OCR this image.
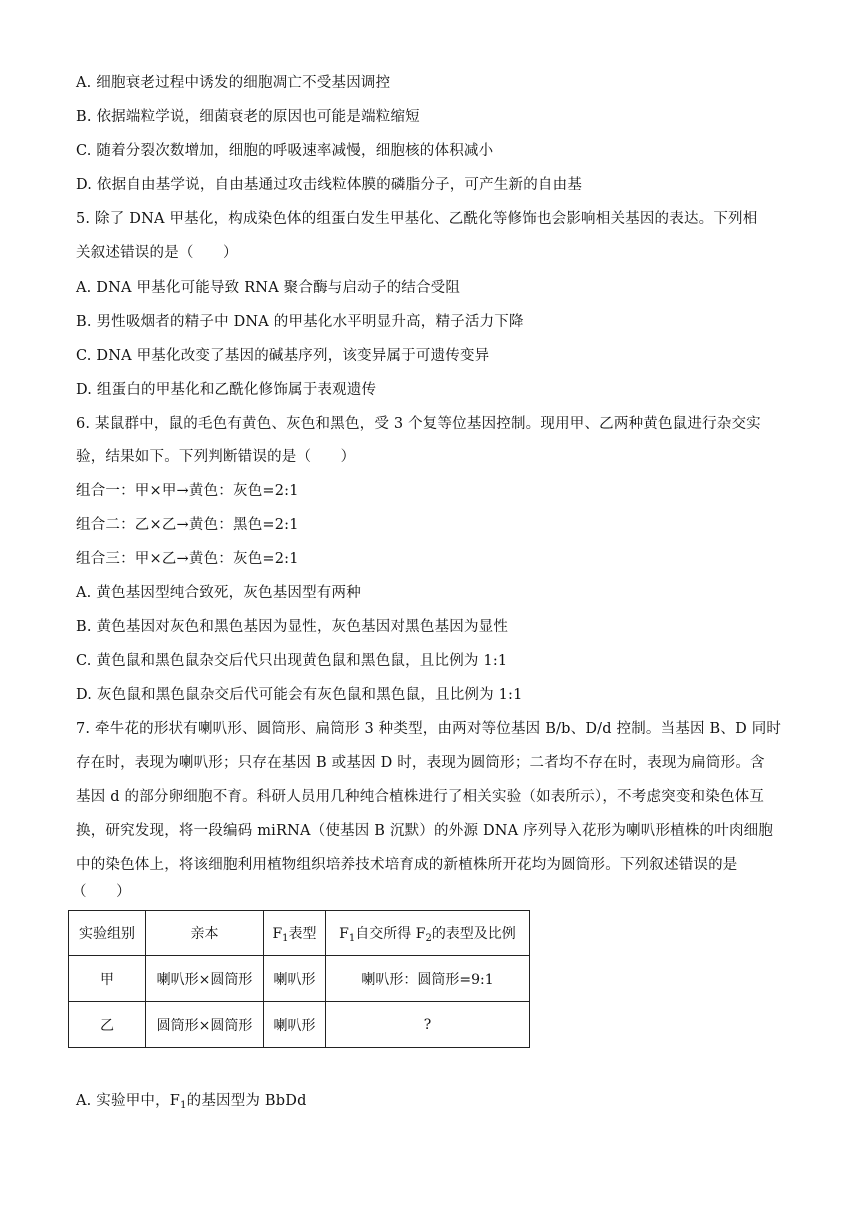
A. 细胞衰老过程中诱发的细胞凋亡不受基因调控
B. 依据端粒学说，细菌衰老的原因也可能是端粒缩短
C. 随着分裂次数增加，细胞的呼吸速率减慢，细胞核的体积减小
D. 依据自由基学说，自由基通过攻击线粒体膜的磷脂分子，可产生新的自由基
5. 除了 DNA 甲基化，构成染色体的组蛋白发生甲基化、乙酰化等修饰也会影响相关基因的表达。下列相
关叙述错误的是（　　）
A. DNA 甲基化可能导致 RNA 聚合酶与启动子的结合受阻
B. 男性吸烟者的精子中 DNA 的甲基化水平明显升高，精子活力下降
C. DNA 甲基化改变了基因的碱基序列，该变异属于可遗传变异
D. 组蛋白的甲基化和乙酰化修饰属于表观遗传
6. 某鼠群中，鼠的毛色有黄色、灰色和黑色，受 3 个复等位基因控制。现用甲、乙两种黄色鼠进行杂交实
验，结果如下。下列判断错误的是（　　）
组合一：甲×甲→黄色：灰色=2:1
组合二：乙×乙→黄色：黑色=2:1
组合三：甲×乙→黄色：灰色=2:1
A. 黄色基因型纯合致死，灰色基因型有两种
B. 黄色基因对灰色和黑色基因为显性，灰色基因对黑色基因为显性
C. 黄色鼠和黑色鼠杂交后代只出现黄色鼠和黑色鼠，且比例为 1:1
D. 灰色鼠和黑色鼠杂交后代可能会有灰色鼠和黑色鼠，且比例为 1:1
7. 牵牛花的形状有喇叭形、圆筒形、扁筒形 3 种类型，由两对等位基因 B/b、D/d 控制。当基因 B、D 同时
存在时，表现为喇叭形；只存在基因 B 或基因 D 时，表现为圆筒形；二者均不存在时，表现为扁筒形。含
基因 d 的部分卵细胞不育。科研人员用几种纯合植株进行了相关实验（如表所示），不考虑突变和染色体互
换，研究发现，将一段编码 miRNA（使基因 B 沉默）的外源 DNA 序列导入花形为喇叭形植株的叶肉细胞
中的染色体上，将该细胞利用植物组织培养技术培育成的新植株所开花均为圆筒形。下列叙述错误的是
（　　）
实验组别	亲本	$F_1$表型	$F_1$自交所得 $F_2$的表型及比例
甲	喇叭形×圆筒形	喇叭形	喇叭形：圆筒形=9:1
乙	圆筒形×圆筒形	喇叭形	?
A. 实验甲中，$F_1$的基因型为 BbDd
